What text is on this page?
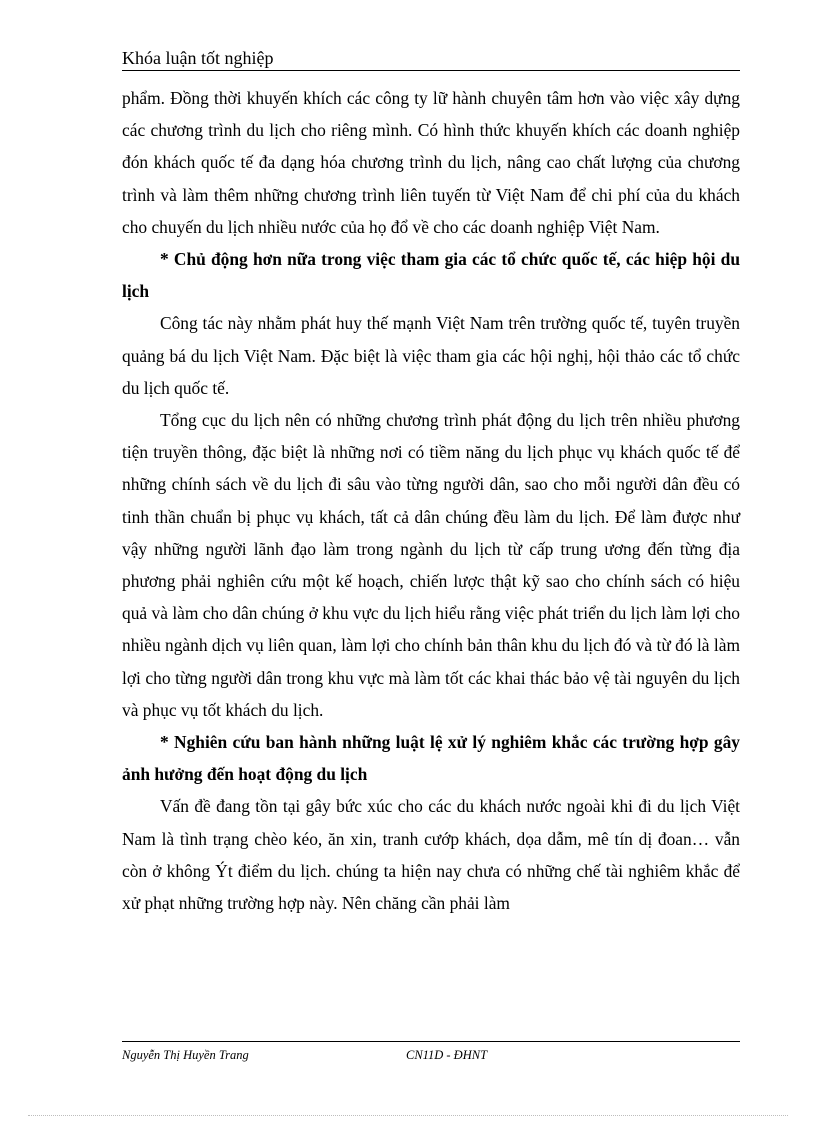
Khóa luận tốt nghiệp

phẩm. Đồng thời khuyến khích các công ty lữ hành chuyên tâm hơn vào việc xây dựng các chương trình du lịch cho riêng mình. Có hình thức khuyến khích các doanh nghiệp đón khách quốc tế đa dạng hóa chương trình du lịch, nâng cao chất lượng của chương trình và làm thêm những chương trình liên tuyến từ Việt Nam để chi phí của du khách cho chuyến du lịch nhiều nước của họ đổ về cho các doanh nghiệp Việt Nam.

* Chủ động hơn nữa trong việc tham gia các tổ chức quốc tế, các hiệp hội du lịch

Công tác này nhằm phát huy thế mạnh Việt Nam trên trường quốc tế, tuyên truyền quảng bá du lịch Việt Nam. Đặc biệt là việc tham gia các hội nghị, hội thảo các tổ chức du lịch quốc tế.

Tổng cục du lịch nên có những chương trình phát động du lịch trên nhiều phương tiện truyền thông, đặc biệt là những nơi có tiềm năng du lịch phục vụ khách quốc tế để những chính sách về du lịch đi sâu vào từng người dân, sao cho mỗi người dân đều có tinh thần chuẩn bị phục vụ khách, tất cả dân chúng đều làm du lịch. Để làm được như vậy những người lãnh đạo làm trong ngành du lịch từ cấp trung ương đến từng địa phương phải nghiên cứu một kế hoạch, chiến lược thật kỹ sao cho chính sách có hiệu quả và làm cho dân chúng ở khu vực du lịch hiểu rằng việc phát triển du lịch làm lợi cho nhiều ngành dịch vụ liên quan, làm lợi cho chính bản thân khu du lịch đó và từ đó là làm lợi cho từng người dân trong khu vực mà làm tốt các khai thác bảo vệ tài nguyên du lịch và phục vụ tốt khách du lịch.

* Nghiên cứu ban hành những luật lệ xử lý nghiêm khắc các trường hợp gây ảnh hưởng đến hoạt động du lịch

Vấn đề đang tồn tại gây bức xúc cho các du khách nước ngoài khi đi du lịch Việt Nam là tình trạng chèo kéo, ăn xin, tranh cướp khách, dọa dẫm, mê tín dị đoan… vẫn còn ở không Ýt điểm du lịch. chúng ta hiện nay chưa có những chế tài nghiêm khắc để xử phạt những trường hợp này. Nên chăng cần phải làm

Nguyễn Thị Huyền Trang	CN11D - ĐHNT
